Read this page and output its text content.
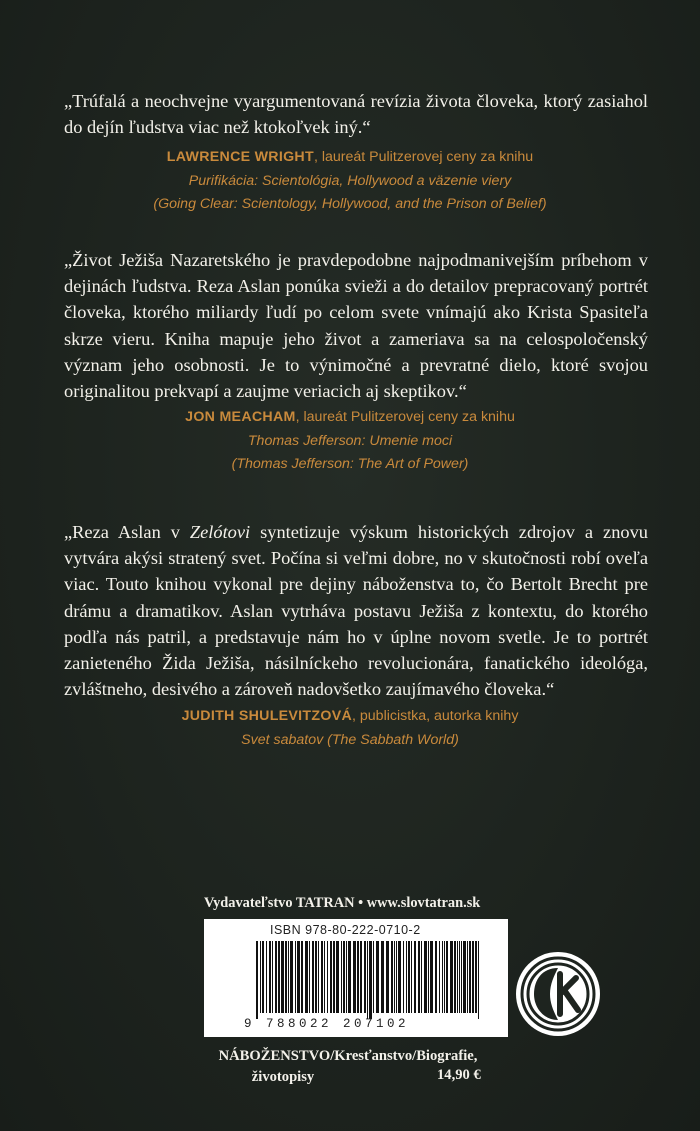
„Trúfalá a neochvejne vyargumentovaná revízia života človeka, ktorý zasiahol do dejín ľudstva viac než ktokoľvek iný.“
LAWRENCE WRIGHT, laureát Pulitzerovej ceny za knihu
Purifikácia: Scientológia, Hollywood a väzenie viery
(Going Clear: Scientology, Hollywood, and the Prison of Belief)
„Život Ježiša Nazaretského je pravdepodobne najpodmanivejším príbehom v dejinách ľudstva. Reza Aslan ponúka svieži a do detailov prepracovaný portrét človeka, ktorého miliardy ľudí po celom svete vnímajú ako Krista Spasiteľa skrze vieru. Kniha mapuje jeho život a zameriava sa na celospoločenský význam jeho osobnosti. Je to výnimočné a prevratné dielo, ktoré svojou originalitou prekvapí a zaujme veriacich aj skeptikov.“
JON MEACHAM, laureát Pulitzerovej ceny za knihu
Thomas Jefferson: Umenie moci
(Thomas Jefferson: The Art of Power)
„Reza Aslan v Zelótovi syntetizuje výskum historických zdrojov a znovu vytvára akýsi stratený svet. Počína si veľmi dobre, no v skutočnosti robí oveľa viac. Touto knihou vykonal pre dejiny náboženstva to, čo Bertolt Brecht pre drámu a dramatikov. Aslan vytrháva postavu Ježiša z kontextu, do ktorého podľa nás patril, a predstavuje nám ho v úplne novom svetle. Je to portrét zanieteného Žida Ježiša, násilníckeho revolucionára, fanatického ideológa, zvláštneho, desivého a zároveň nadovšetko zaujímavého človeka.“
JUDITH SHULEVITZOVÁ, publicistka, autorka knihy
Svet sabatov (The Sabbath World)
Vydavateľstvo TATRAN • www.slovtatran.sk
ISBN 978-80-222-0710-2
9 788022 207102
NÁBOŽENSTVO/Kresťanstvo/Biografie,
životopisy	14,90 €
